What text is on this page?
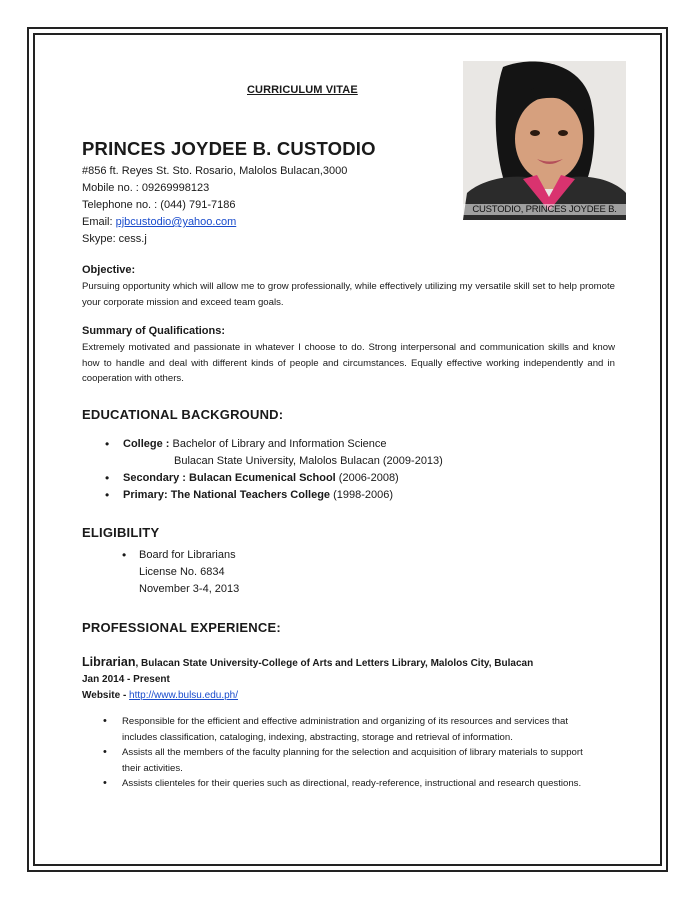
CURRICULUM VITAE
CUSTODIO, PRINCES JOYDEE B.
PRINCES JOYDEE B. CUSTODIO
#856 ft. Reyes St. Sto. Rosario, Malolos Bulacan,3000
Mobile no. : 09269998123
Telephone no. : (044) 791-7186
Email: pjbcustodio@yahoo.com
Skype: cess.j
Objective:
Pursuing opportunity which will allow me to grow professionally, while effectively utilizing my versatile skill set to help promote your corporate mission and exceed team goals.
Summary of Qualifications:
Extremely motivated and passionate in whatever I choose to do. Strong interpersonal and communication skills and know how to handle and deal with different kinds of people and circumstances. Equally effective working independently and in cooperation with others.
EDUCATIONAL BACKGROUND:
• College : Bachelor of Library and Information Science
Bulacan State University, Malolos Bulacan (2009-2013)
• Secondary : Bulacan Ecumenical School (2006-2008)
• Primary: The National Teachers College (1998-2006)
ELIGIBILITY
• Board for Librarians
License No. 6834
November 3-4, 2013
PROFESSIONAL EXPERIENCE:
Librarian, Bulacan State University-College of Arts and Letters Library, Malolos City, Bulacan
Jan 2014 - Present
Website - http://www.bulsu.edu.ph/
• Responsible for the efficient and effective administration and organizing of its resources and services that includes classification, cataloging, indexing, abstracting, storage and retrieval of information.
• Assists all the members of the faculty planning for the selection and acquisition of library materials to support their activities.
• Assists clienteles for their queries such as directional, ready-reference, instructional and research questions.
